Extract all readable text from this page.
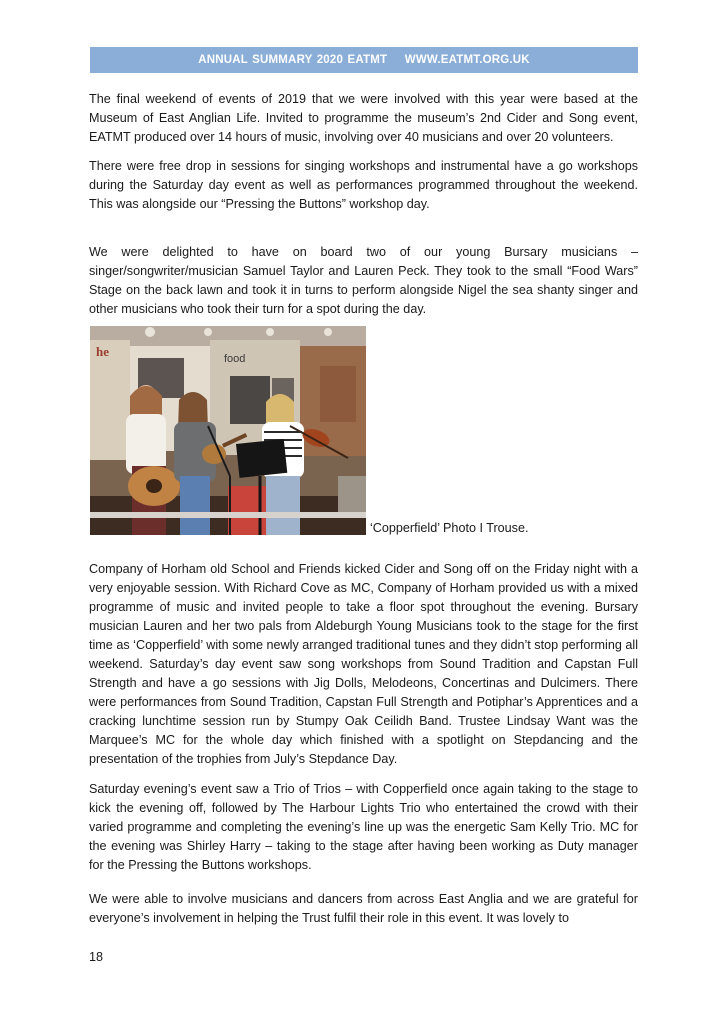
ANNUAL SUMMARY 2020 EATMT    WWW.EATMT.ORG.UK

The final weekend of events of 2019 that we were involved with this year were based at the Museum of East Anglian Life. Invited to programme the museum’s 2nd Cider and Song event, EATMT produced over 14 hours of music, involving over 40 musicians and over 20 volunteers.

There were free drop in sessions for singing workshops and instrumental have a go workshops during the Saturday day event as well as performances programmed throughout the weekend. This was alongside our “Pressing the Buttons” workshop day.

We were delighted to have on board two of our young Bursary musicians – singer/songwriter/musician Samuel Taylor and Lauren Peck. They took to the small “Food Wars” Stage on the back lawn and took it in turns to perform alongside Nigel the sea shanty singer and other musicians who took their turn for a spot during the day.

he	food
‘Copperfield’ Photo I Trouse.

Company of Horham old School and Friends kicked Cider and Song off on the Friday night with a very enjoyable session. With Richard Cove as MC, Company of Horham provided us with a mixed programme of music and invited people to take a floor spot throughout the evening. Bursary musician Lauren and her two pals from Aldeburgh Young Musicians took to the stage for the first time as ‘Copperfield’ with some newly arranged traditional tunes and they didn’t stop performing all weekend. Saturday’s day event saw song workshops from Sound Tradition and Capstan Full Strength and have a go sessions with Jig Dolls, Melodeons, Concertinas and Dulcimers. There were performances from Sound Tradition, Capstan Full Strength and Potiphar’s Apprentices and a cracking lunchtime session run by Stumpy Oak Ceilidh Band. Trustee Lindsay Want was the Marquee’s MC for the whole day which finished with a spotlight on Stepdancing and the presentation of the trophies from July’s Stepdance Day.

Saturday evening’s event saw a Trio of Trios – with Copperfield once again taking to the stage to kick the evening off, followed by The Harbour Lights Trio who entertained the crowd with their varied programme and completing the evening’s line up was the energetic Sam Kelly Trio. MC for the evening was Shirley Harry – taking to the stage after having been working as Duty manager for the Pressing the Buttons workshops.

We were able to involve musicians and dancers from across East Anglia and we are grateful for everyone’s involvement in helping the Trust fulfil their role in this event. It was lovely to

18
